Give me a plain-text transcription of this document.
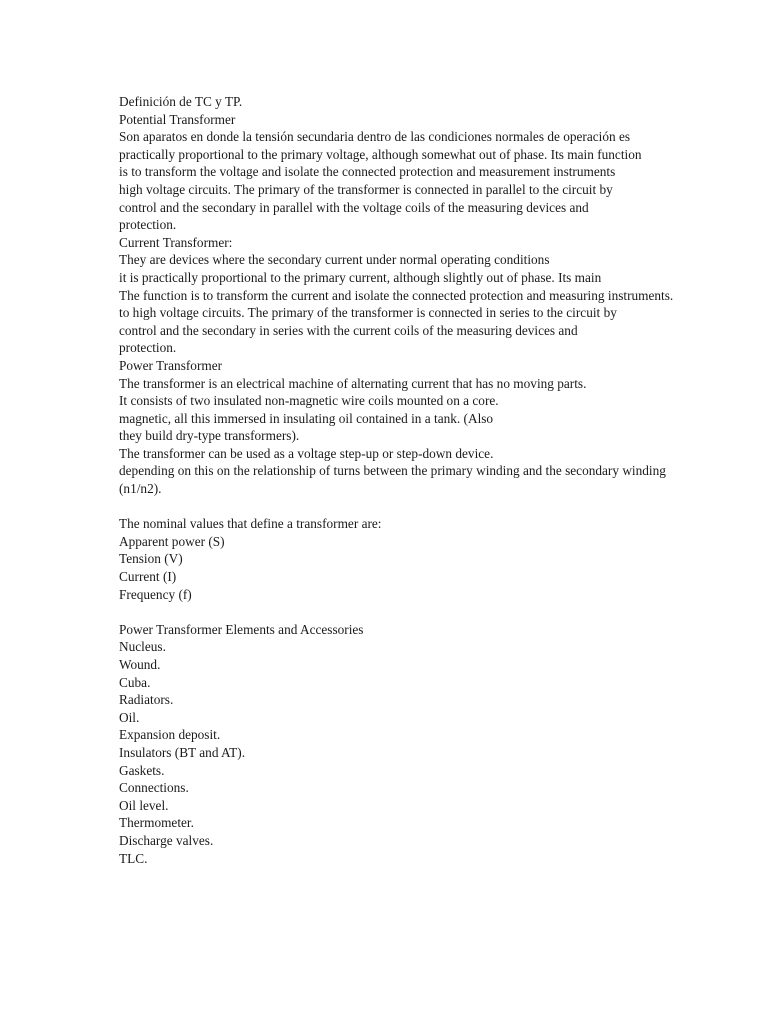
Definición de TC y TP.
Potential Transformer
Son aparatos en donde la tensión secundaria dentro de las condiciones normales de operación es
practically proportional to the primary voltage, although somewhat out of phase. Its main function
is to transform the voltage and isolate the connected protection and measurement instruments
high voltage circuits. The primary of the transformer is connected in parallel to the circuit by
control and the secondary in parallel with the voltage coils of the measuring devices and
protection.
Current Transformer:
They are devices where the secondary current under normal operating conditions
it is practically proportional to the primary current, although slightly out of phase. Its main
The function is to transform the current and isolate the connected protection and measuring instruments.
to high voltage circuits. The primary of the transformer is connected in series to the circuit by
control and the secondary in series with the current coils of the measuring devices and
protection.
Power Transformer
The transformer is an electrical machine of alternating current that has no moving parts.
It consists of two insulated non-magnetic wire coils mounted on a core.
magnetic, all this immersed in insulating oil contained in a tank. (Also
they build dry-type transformers).
The transformer can be used as a voltage step-up or step-down device.
depending on this on the relationship of turns between the primary winding and the secondary winding
(n1/n2).
The nominal values that define a transformer are:
Apparent power (S)
Tension (V)
Current (I)
Frequency (f)
Power Transformer Elements and Accessories
Nucleus.
Wound.
Cuba.
Radiators.
Oil.
Expansion deposit.
Insulators (BT and AT).
Gaskets.
Connections.
Oil level.
Thermometer.
Discharge valves.
TLC.
